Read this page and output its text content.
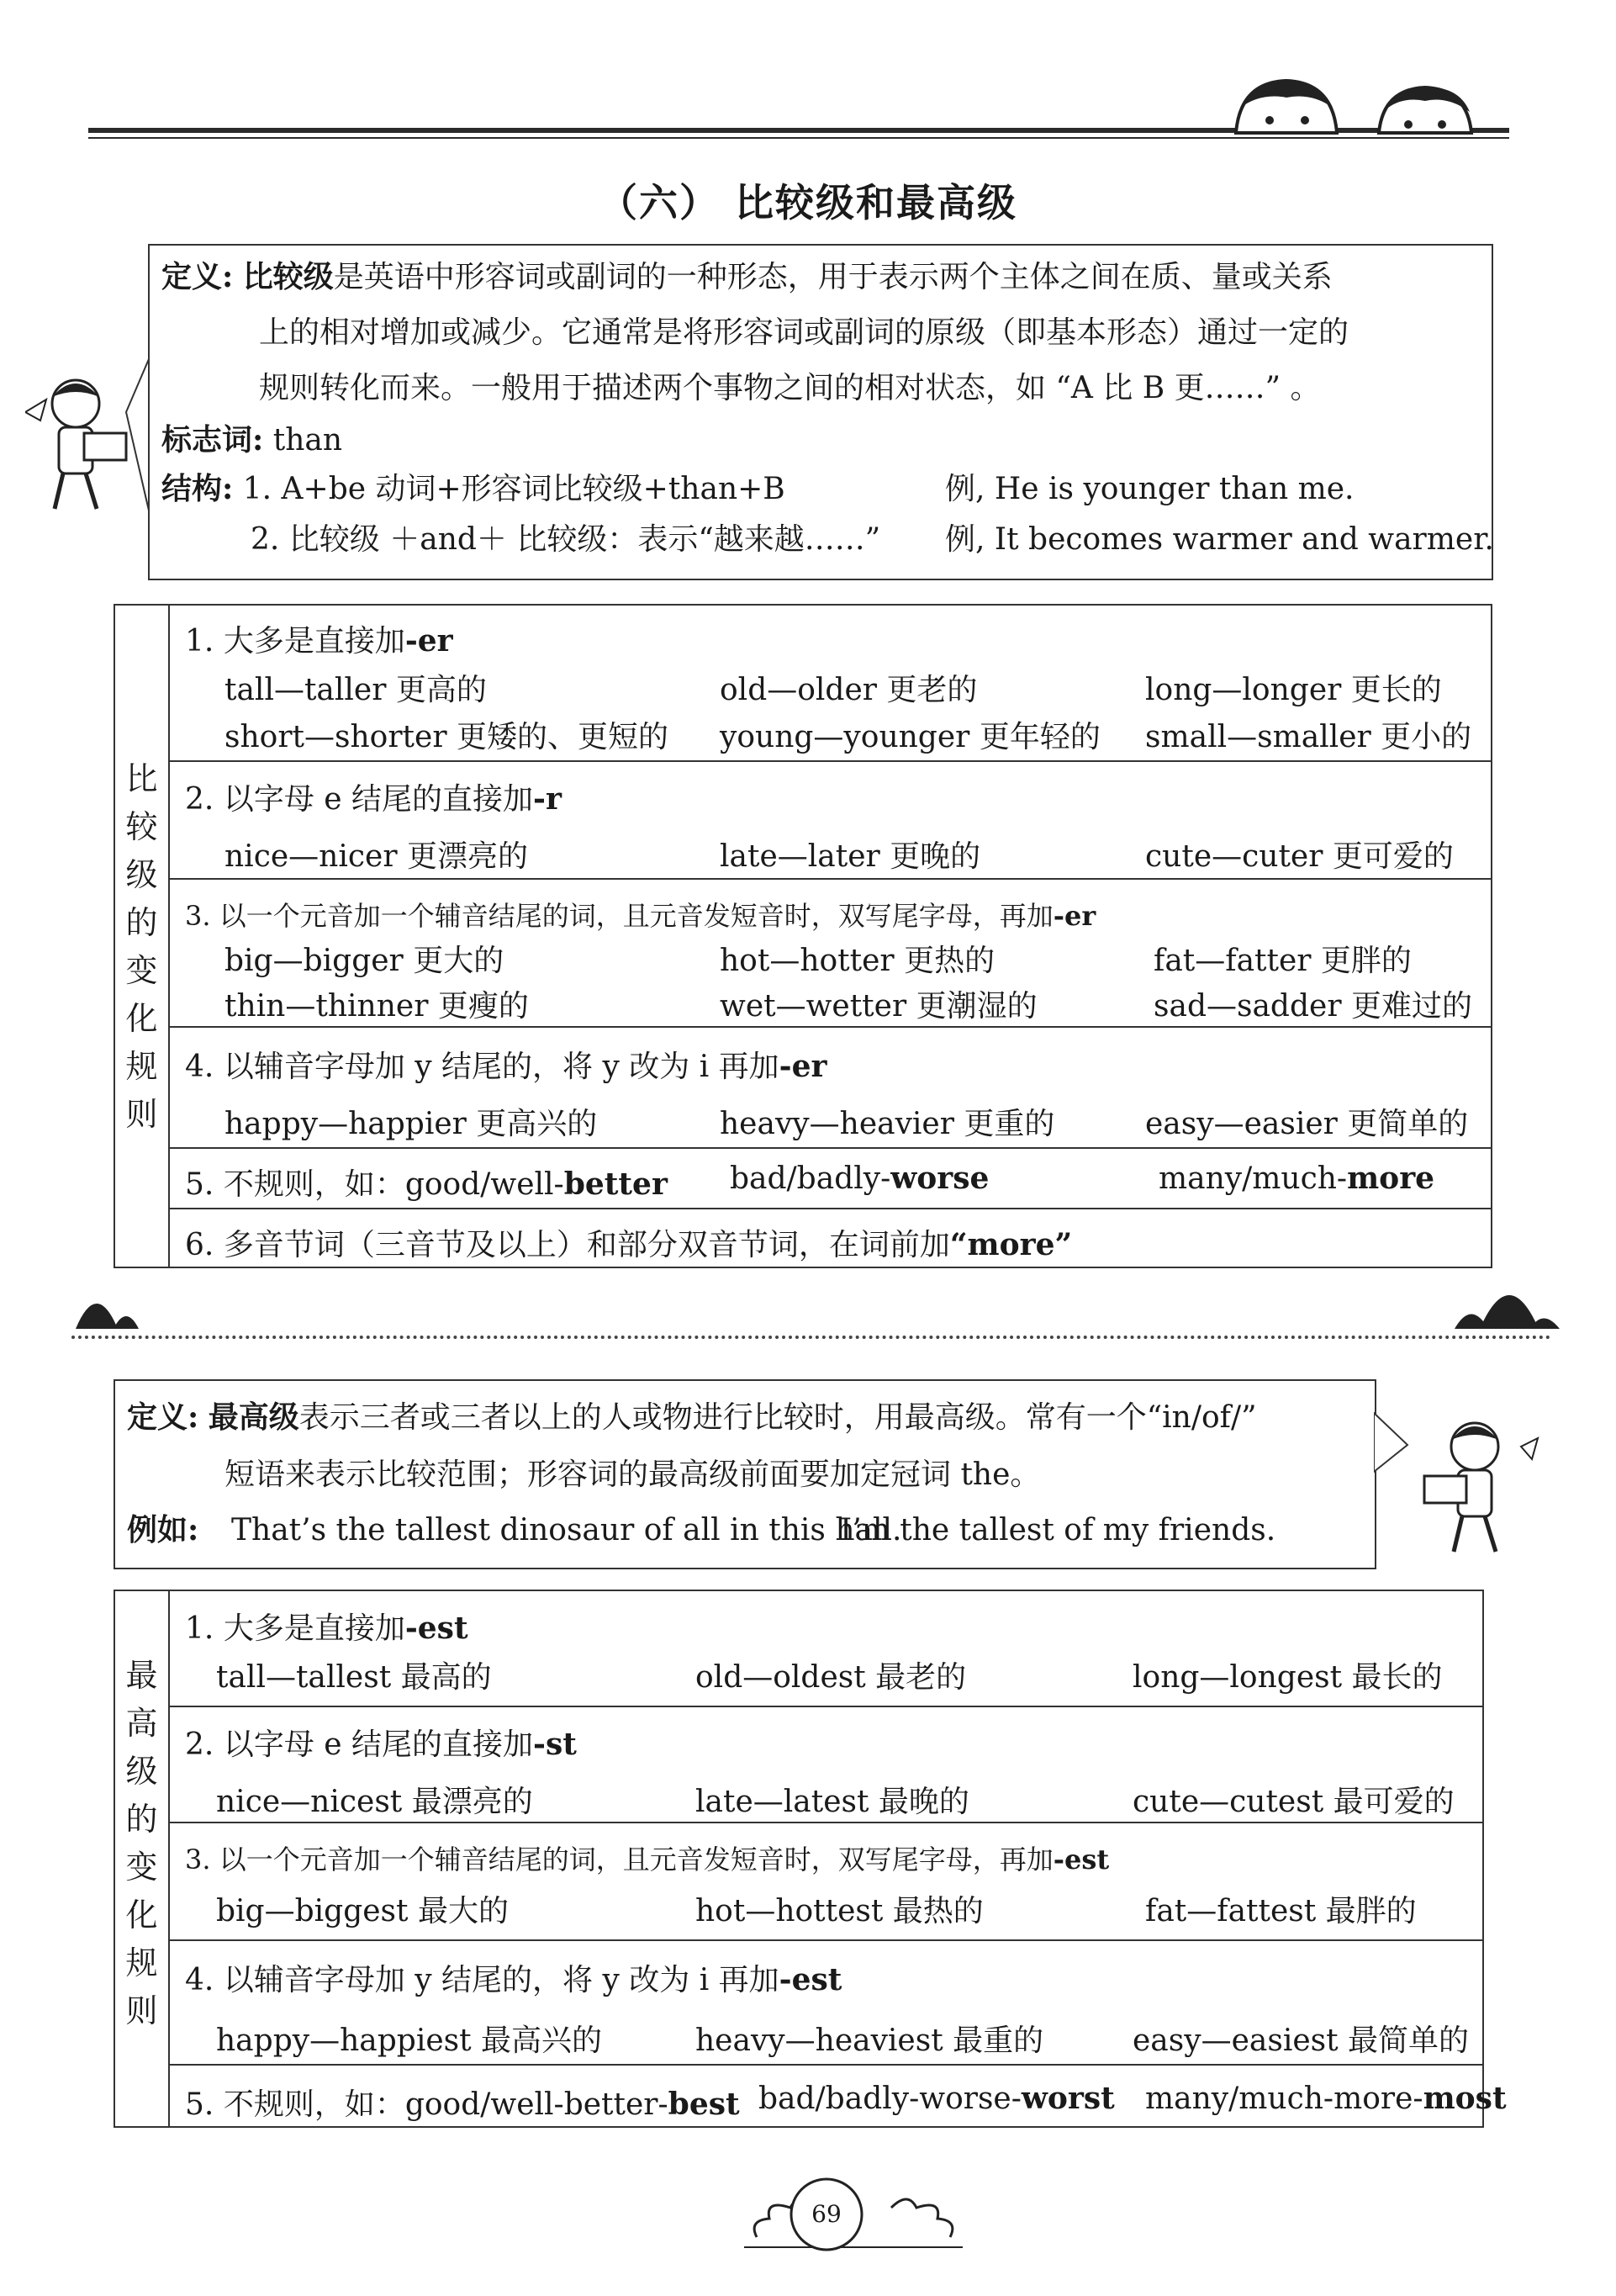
（六） 比较级和最高级
定义: 比较级是英语中形容词或副词的一种形态，用于表示两个主体之间在质、量或关系
上的相对增加或减少。它通常是将形容词或副词的原级（即基本形态）通过一定的
规则转化而来。一般用于描述两个事物之间的相对状态，如 “A 比 B 更……” 。
标志词: than
结构: 1. A+be 动词+形容词比较级+than+B	例, He is younger than me.
2. 比较级 ＋and＋ 比较级：表示“越来越……”	例, It becomes warmer and warmer.
比
较
级
的
变
化
规
则
1. 大多是直接加-er
tall—taller 更高的	old—older 更老的	long—longer 更长的
short—shorter 更矮的、更短的 young—younger 更年轻的 small—smaller 更小的
2. 以字母 e 结尾的直接加-r
nice—nicer 更漂亮的	late—later 更晚的	cute—cuter 更可爱的
3. 以一个元音加一个辅音结尾的词，且元音发短音时，双写尾字母，再加-er
big—bigger 更大的	hot—hotter 更热的	fat—fatter 更胖的
thin—thinner 更瘦的	wet—wetter 更潮湿的	sad—sadder 更难过的
4. 以辅音字母加 y 结尾的，将 y 改为 i 再加-er
happy—happier 更高兴的	heavy—heavier 更重的	easy—easier 更简单的
5. 不规则，如：good/well-better bad/badly-worse	many/much-more
6. 多音节词（三音节及以上）和部分双音节词，在词前加“more”
定义: 最高级表示三者或三者以上的人或物进行比较时，用最高级。常有一个“in/of/”
短语来表示比较范围；形容词的最高级前面要加定冠词 the。
例如:	That’s the tallest dinosaur of all in this hall.
I’m the tallest of my friends.
最
高
级
的
变
化
规
则
1. 大多是直接加-est
tall—tallest 最高的	old—oldest 最老的	long—longest 最长的
2. 以字母 e 结尾的直接加-st
nice—nicest 最漂亮的	late—latest 最晚的	cute—cutest 最可爱的
3. 以一个元音加一个辅音结尾的词，且元音发短音时，双写尾字母，再加-est
big—biggest 最大的	hot—hottest 最热的	fat—fattest 最胖的
4. 以辅音字母加 y 结尾的，将 y 改为 i 再加-est
happy—happiest 最高兴的	heavy—heaviest 最重的	easy—easiest 最简单的
5. 不规则，如：good/well-better-best bad/badly-worse-worst many/much-more-most
69
